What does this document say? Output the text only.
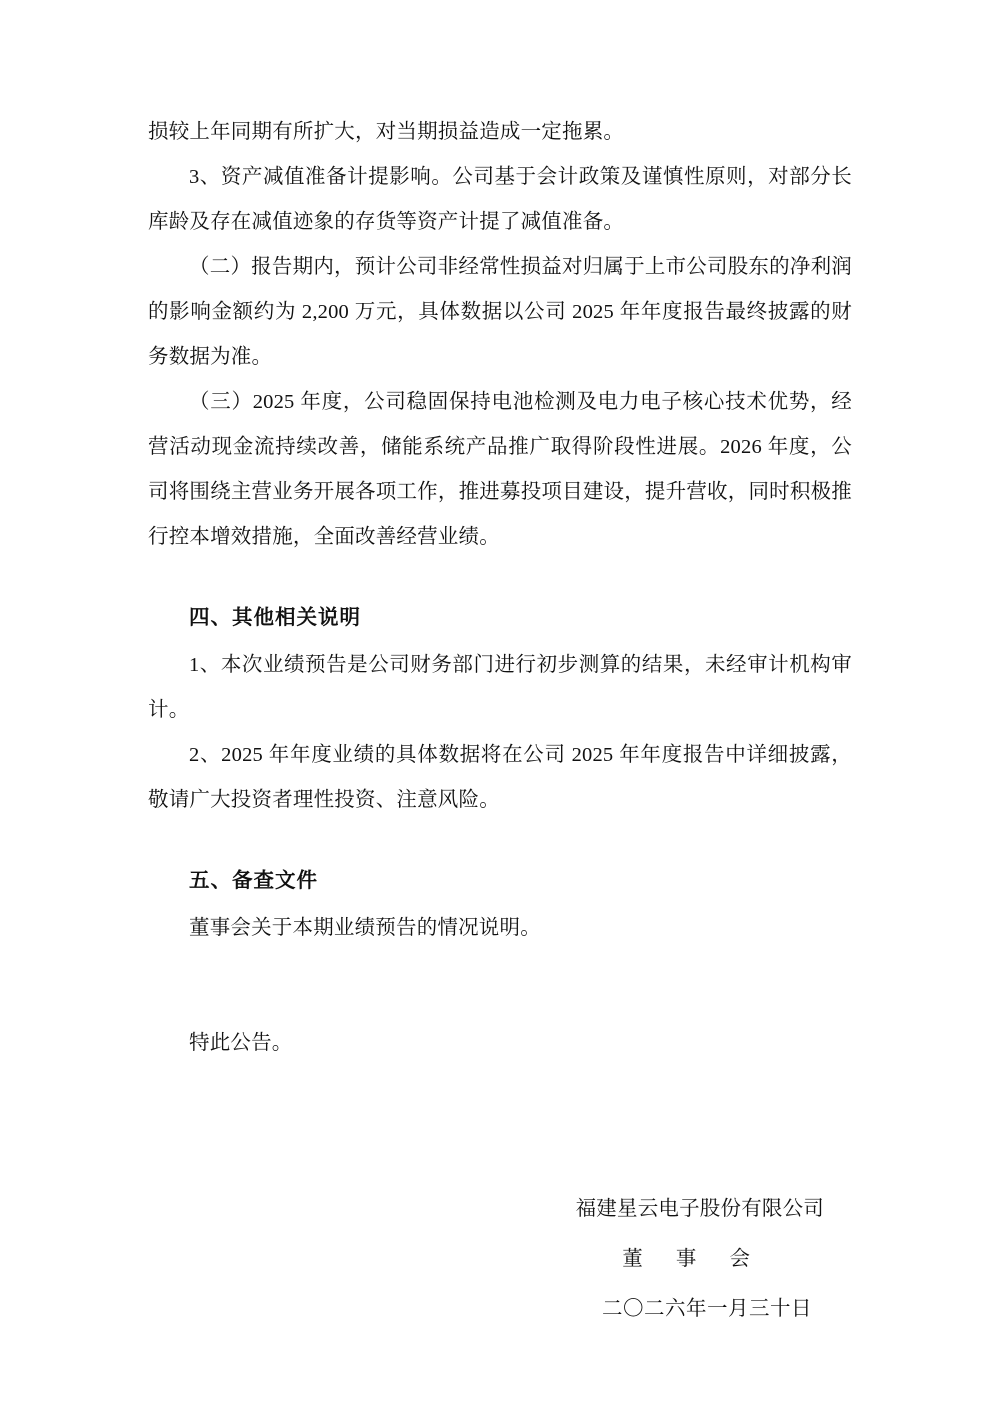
损较上年同期有所扩大，对当期损益造成一定拖累。

3、资产减值准备计提影响。公司基于会计政策及谨慎性原则，对部分长库龄及存在减值迹象的存货等资产计提了减值准备。

（二）报告期内，预计公司非经常性损益对归属于上市公司股东的净利润的影响金额约为 2,200 万元，具体数据以公司 2025 年年度报告最终披露的财务数据为准。

（三）2025 年度，公司稳固保持电池检测及电力电子核心技术优势，经营活动现金流持续改善，储能系统产品推广取得阶段性进展。2026 年度，公司将围绕主营业务开展各项工作，推进募投项目建设，提升营收，同时积极推行控本增效措施，全面改善经营业绩。

四、其他相关说明

1、本次业绩预告是公司财务部门进行初步测算的结果，未经审计机构审计。

2、2025 年年度业绩的具体数据将在公司 2025 年年度报告中详细披露，敬请广大投资者理性投资、注意风险。

五、备查文件

董事会关于本期业绩预告的情况说明。

特此公告。

福建星云电子股份有限公司
董 事 会
二〇二六年一月三十日
